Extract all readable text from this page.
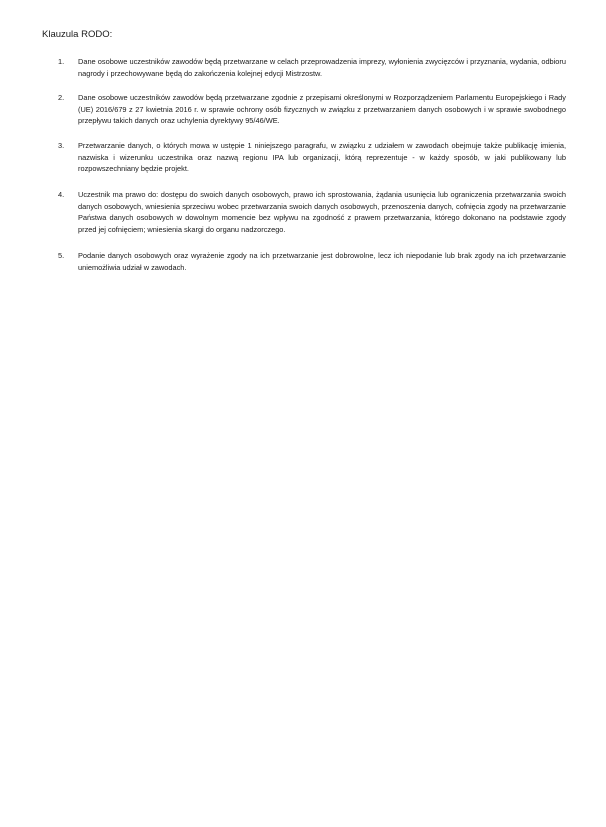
Klauzula RODO:
1.	Dane osobowe uczestników zawodów będą przetwarzane w celach przeprowadzenia imprezy, wyłonienia zwycięzców i przyznania, wydania, odbioru nagrody i przechowywane będą do zakończenia kolejnej edycji Mistrzostw.

2.	Dane osobowe uczestników zawodów będą przetwarzane zgodnie z przepisami określonymi w Rozporządzeniem Parlamentu Europejskiego i Rady (UE) 2016/679 z 27 kwietnia 2016 r. w sprawie ochrony osób fizycznych w związku z przetwarzaniem danych osobowych i w sprawie swobodnego przepływu takich danych oraz uchylenia dyrektywy 95/46/WE.

3.	Przetwarzanie danych, o których mowa w ustępie 1 niniejszego paragrafu, w związku z udziałem w zawodach obejmuje także publikację imienia, nazwiska i wizerunku uczestnika oraz nazwą regionu IPA lub organizacji, którą reprezentuje - w każdy sposób, w jaki publikowany lub rozpowszechniany będzie projekt.

4.	Uczestnik ma prawo do: dostępu do swoich danych osobowych, prawo ich sprostowania, żądania usunięcia lub ograniczenia przetwarzania swoich danych osobowych, wniesienia sprzeciwu wobec przetwarzania swoich danych osobowych, przenoszenia danych, cofnięcia zgody na przetwarzanie Państwa danych osobowych w dowolnym momencie bez wpływu na zgodność z prawem przetwarzania, którego dokonano na podstawie zgody przed jej cofnięciem; wniesienia skargi do organu nadzorczego.

5.	Podanie danych osobowych oraz wyrażenie zgody na ich przetwarzanie jest dobrowolne, lecz ich niepodanie lub brak zgody na ich przetwarzanie uniemożliwia udział w zawodach.
